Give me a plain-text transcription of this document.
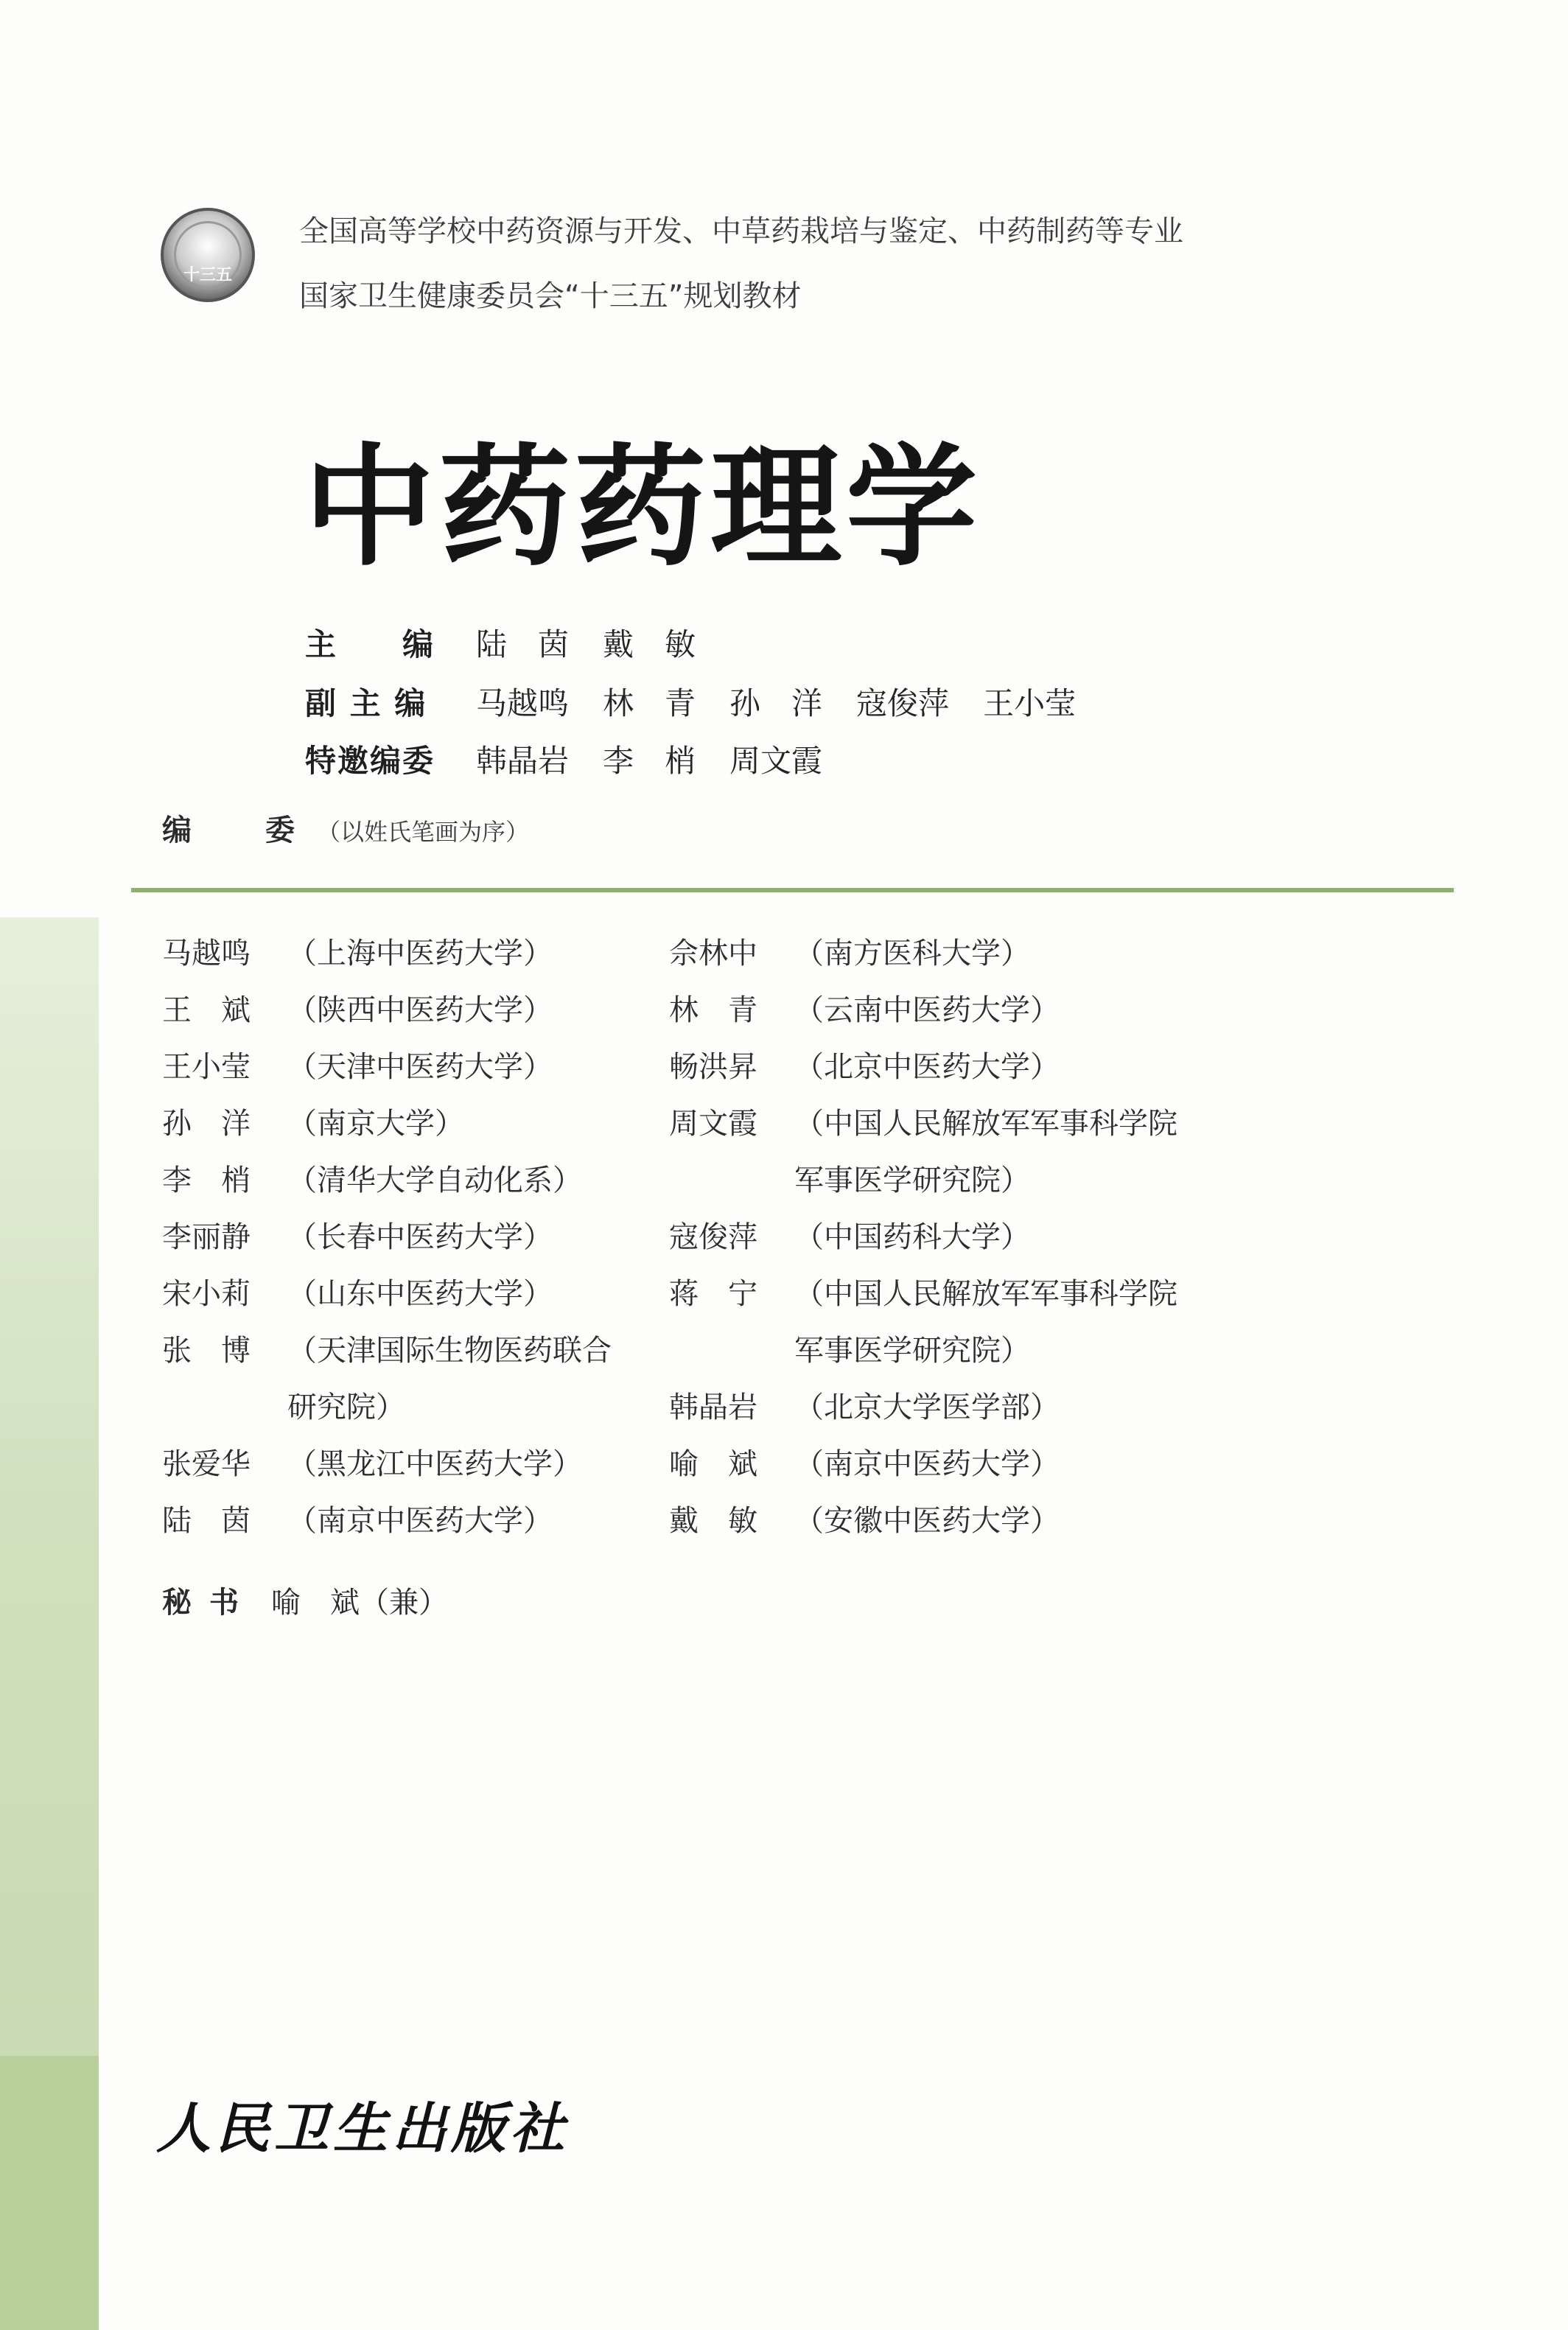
十三五
全国高等学校中药资源与开发、中草药栽培与鉴定、中药制药等专业
国家卫生健康委员会“十三五”规划教材
中药药理学
主　　编	陆　茵 戴　敏
副 主 编	马越鸣 林　青 孙　洋 寇俊萍 王小莹
特邀编委	韩晶岩 李　梢 周文霞
编　委（以姓氏笔画为序）
马越鸣 （上海中医药大学）
王　斌 （陕西中医药大学）
王小莹 （天津中医药大学）
孙　洋 （南京大学）
李　梢 （清华大学自动化系）
李丽静 （长春中医药大学）
宋小莉 （山东中医药大学）
张　博 （天津国际生物医药联合
研究院）
张爱华 （黑龙江中医药大学）
陆　茵 （南京中医药大学）
佘林中 （南方医科大学）
林　青 （云南中医药大学）
畅洪昇 （北京中医药大学）
周文霞 （中国人民解放军军事科学院
军事医学研究院）
寇俊萍 （中国药科大学）
蒋　宁 （中国人民解放军军事科学院
军事医学研究院）
韩晶岩 （北京大学医学部）
喻　斌 （南京中医药大学）
戴　敏 （安徽中医药大学）
秘书 喻　斌（兼）
人民卫生出版社
